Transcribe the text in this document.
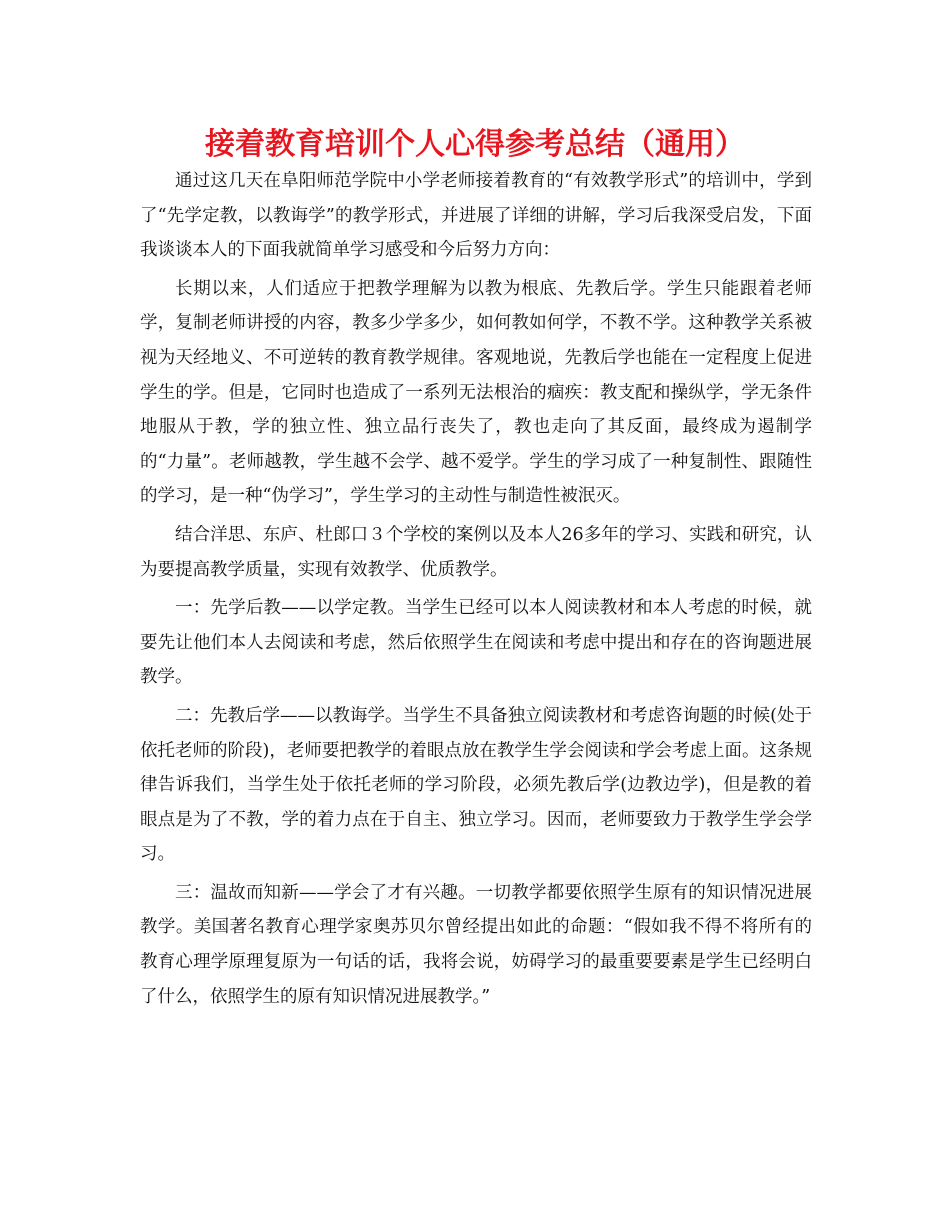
接着教育培训个人心得参考总结（通用）

通过这几天在阜阳师范学院中小学老师接着教育的“有效教学形式”的培训中，学到了“先学定教，以教诲学”的教学形式，并进展了详细的讲解，学习后我深受启发，下面我谈谈本人的下面我就简单学习感受和今后努力方向：

长期以来，人们适应于把教学理解为以教为根底、先教后学。学生只能跟着老师学，复制老师讲授的内容，教多少学多少，如何教如何学，不教不学。这种教学关系被视为天经地义、不可逆转的教育教学规律。客观地说，先教后学也能在一定程度上促进学生的学。但是，它同时也造成了一系列无法根治的痼疾：教支配和操纵学，学无条件地服从于教，学的独立性、独立品行丧失了，教也走向了其反面，最终成为遏制学的“力量”。老师越教，学生越不会学、越不爱学。学生的学习成了一种复制性、跟随性的学习，是一种“伪学习”，学生学习的主动性与制造性被泯灭。

结合洋思、东庐、杜郎口３个学校的案例以及本人26多年的学习、实践和研究，认为要提高教学质量，实现有效教学、优质教学。

一：先学后教——以学定教。当学生已经可以本人阅读教材和本人考虑的时候，就要先让他们本人去阅读和考虑，然后依照学生在阅读和考虑中提出和存在的咨询题进展教学。

二：先教后学——以教诲学。当学生不具备独立阅读教材和考虑咨询题的时候(处于依托老师的阶段)，老师要把教学的着眼点放在教学生学会阅读和学会考虑上面。这条规律告诉我们，当学生处于依托老师的学习阶段，必须先教后学(边教边学)，但是教的着眼点是为了不教，学的着力点在于自主、独立学习。因而，老师要致力于教学生学会学习。

三：温故而知新——学会了才有兴趣。一切教学都要依照学生原有的知识情况进展教学。美国著名教育心理学家奥苏贝尔曾经提出如此的命题：“假如我不得不将所有的教育心理学原理复原为一句话的话，我将会说，妨碍学习的最重要要素是学生已经明白了什么，依照学生的原有知识情况进展教学。”
